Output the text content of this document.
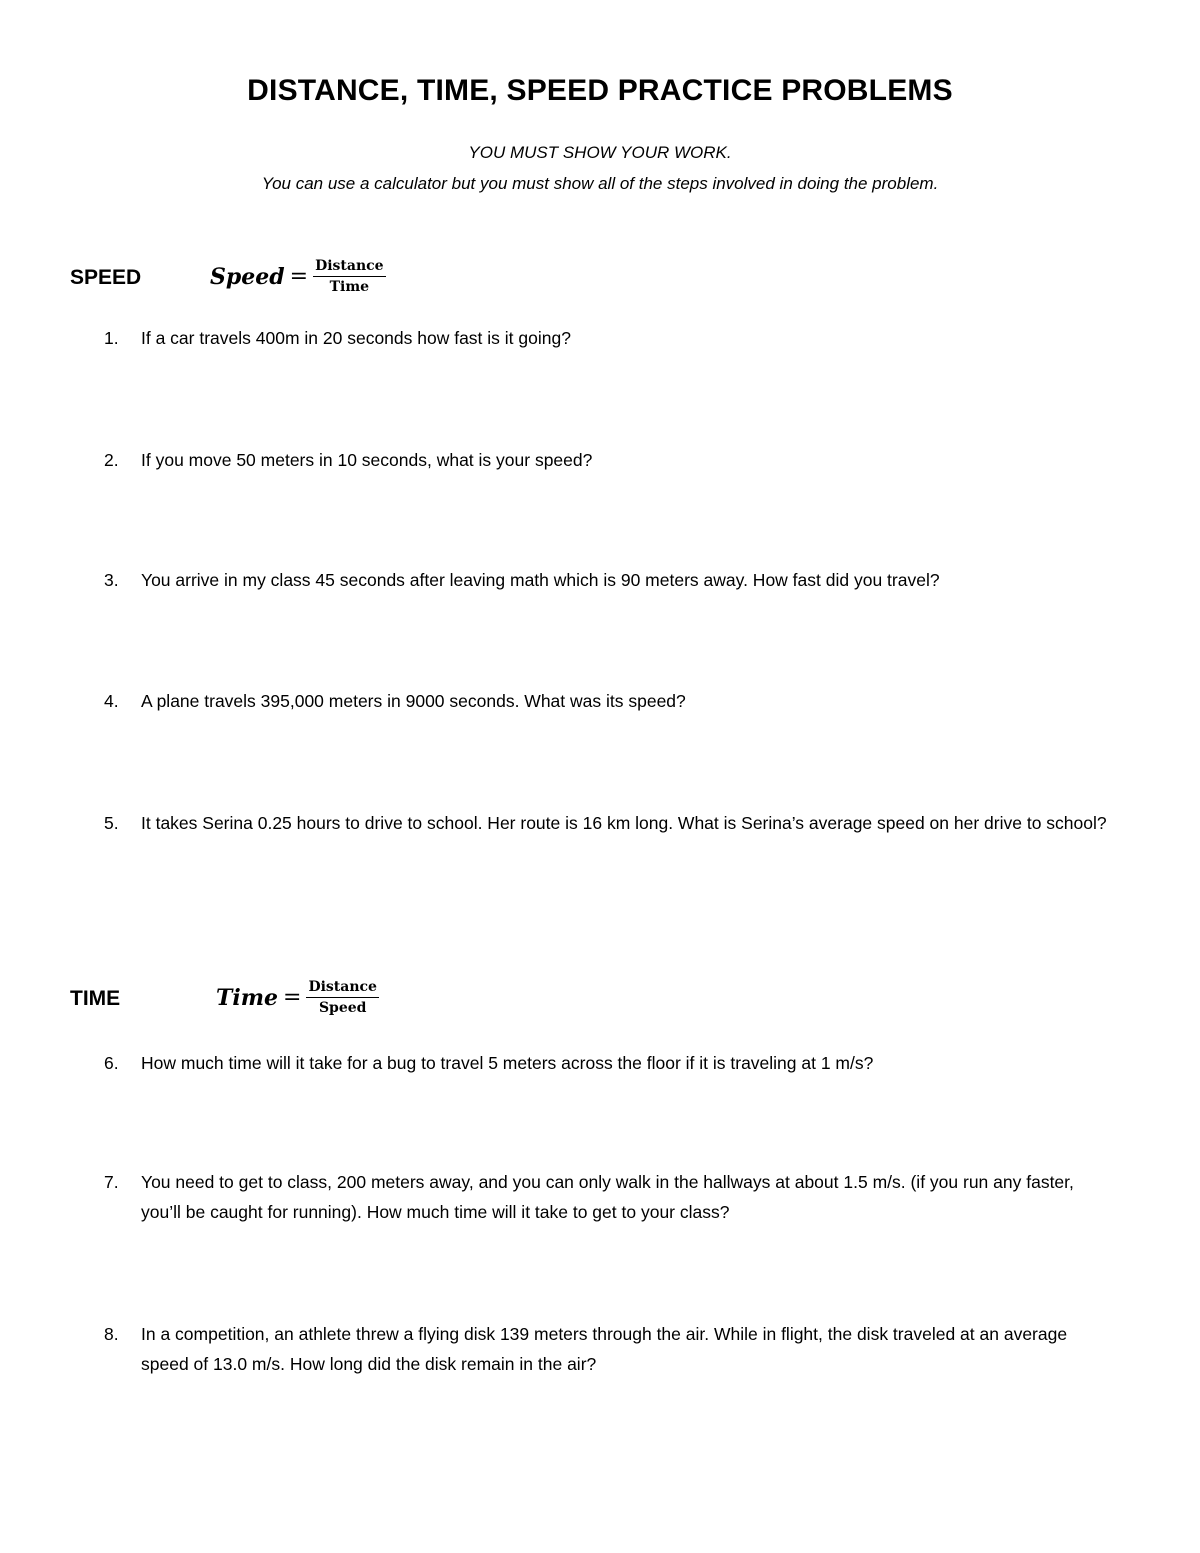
DISTANCE, TIME, SPEED PRACTICE PROBLEMS
YOU MUST SHOW YOUR WORK.
You can use a calculator but you must show all of the steps involved in doing the problem.
SPEED	Speed = $\frac{\text{Distance}}{\text{Time}}$
1.	If a car travels 400m in 20 seconds how fast is it going?
2.	If you move 50 meters in 10 seconds, what is your speed?
3.	You arrive in my class 45 seconds after leaving math which is 90 meters away. How fast did you travel?
4.	A plane travels 395,000 meters in 9000 seconds. What was its speed?
5.	It takes Serina 0.25 hours to drive to school. Her route is 16 km long. What is Serina’s average speed on her drive to school?
TIME	Time = $\frac{\text{Distance}}{\text{Speed}}$
6.	How much time will it take for a bug to travel 5 meters across the floor if it is traveling at 1 m/s?
7.	You need to get to class, 200 meters away, and you can only walk in the hallways at about 1.5 m/s. (if you run any faster, you’ll be caught for running). How much time will it take to get to your class?
8.	In a competition, an athlete threw a flying disk 139 meters through the air. While in flight, the disk traveled at an average speed of 13.0 m/s. How long did the disk remain in the air?
